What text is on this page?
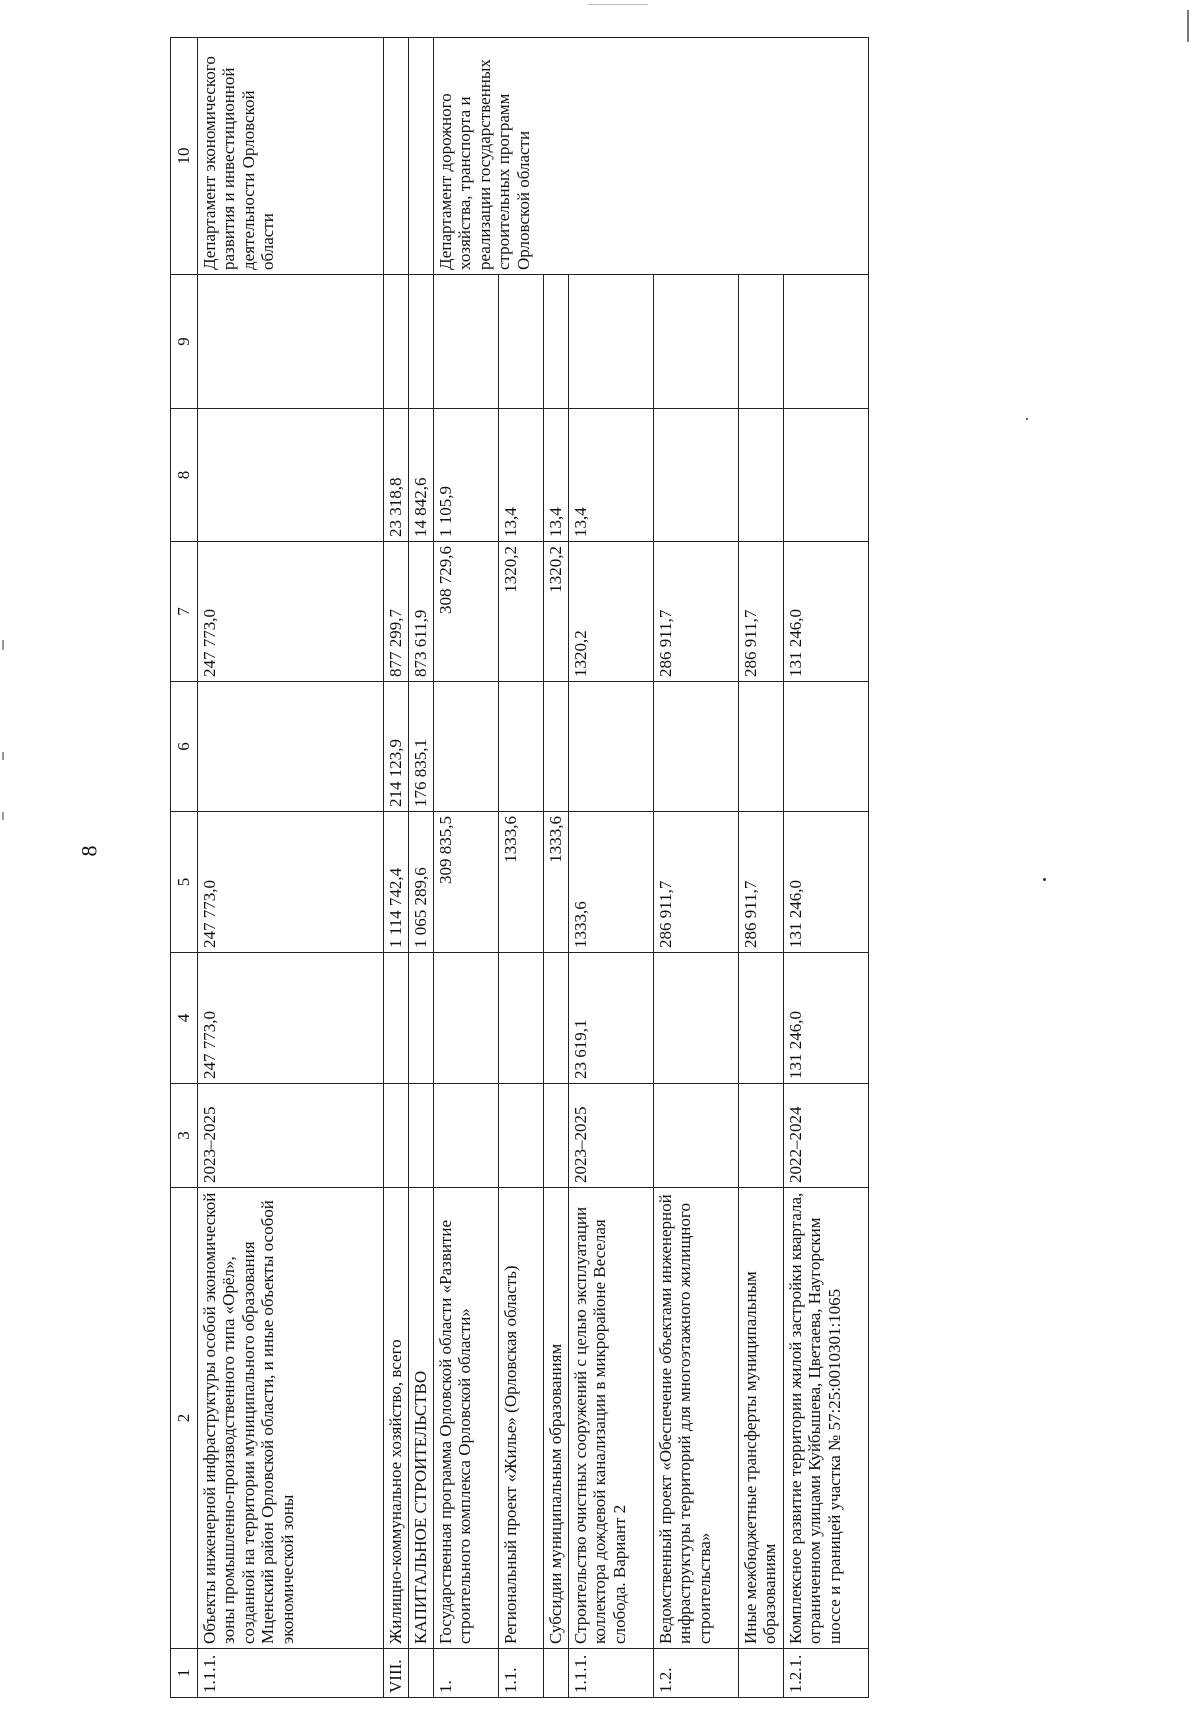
8
1	2	3	4	5	6	7	8	9	10
1.1.1.	Объекты инженерной инфраструктуры особой экономической зоны промышленно-производственного типа «Орёл», созданной на территории муниципального образования Мценский район Орловской области, и иные объекты особой экономической зоны	2023–2025	247 773,0	247 773,0		247 773,0			Департамент экономического развития и инвестиционной деятельности Орловской области
VIII.	Жилищно-коммунальное хозяйство, всего			1 114 742,4	214 123,9	877 299,7	23 318,8		
	КАПИТАЛЬНОЕ СТРОИТЕЛЬСТВО			1 065 289,6	176 835,1	873 611,9	14 842,6		
1.	Государственная программа Орловской области «Развитие строительного комплекса Орловской области»			309 835,5		308 729,6	1 105,9		Департамент дорожного хозяйства, транспорта и реализации государственных строительных программ Орловской области
1.1.	Региональный проект «Жилье» (Орловская область)			1333,6		1320,2	13,4		
	Субсидии муниципальным образованиям			1333,6		1320,2	13,4		
1.1.1.	Строительство очистных сооружений с целью эксплуатации коллектора дождевой канализации в микрорайоне Веселая слобода. Вариант 2	2023–2025	23 619,1	1333,6		1320,2	13,4		
1.2.	Ведомственный проект «Обеспечение объектами инженерной инфраструктуры территорий для многоэтажного жилищного строительства»			286 911,7		286 911,7			
	Иные межбюджетные трансферты муниципальным образованиям			286 911,7		286 911,7			
1.2.1.	Комплексное развитие территории жилой застройки квартала, ограниченном улицами Куйбышева, Цветаева, Наугорским шоссе и границей участка № 57:25:0010301:1065	2022–2024	131 246,0	131 246,0		131 246,0			
